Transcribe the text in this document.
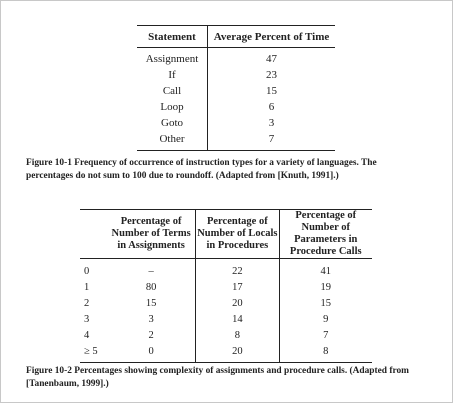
Statement	Average Percent of Time
Assignment	47
If	23
Call	15
Loop	6
Goto	3
Other	7
Figure 10-1 Frequency of occurrence of instruction types for a variety of languages. The percentages do not sum to 100 due to roundoff. (Adapted from [Knuth, 1991].)
	Percentage of Number of Terms in Assignments	Percentage of Number of Locals in Procedures	Percentage of Number of Parameters in Procedure Calls
0	–	22	41
1	80	17	19
2	15	20	15
3	3	14	9
4	2	8	7
≥ 5	0	20	8
Figure 10-2 Percentages showing complexity of assignments and procedure calls. (Adapted from [Tanenbaum, 1999].)
